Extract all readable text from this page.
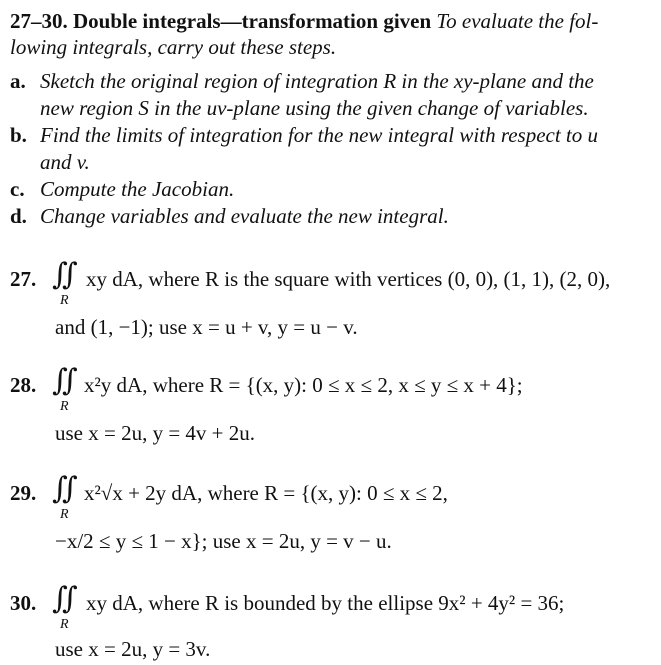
27–30. Double integrals—transformation given To evaluate the fol-
lowing integrals, carry out these steps.
a. Sketch the original region of integration R in the xy-plane and the
new region S in the uv-plane using the given change of variables.
b. Find the limits of integration for the new integral with respect to u
and v.
c. Compute the Jacobian.
d. Change variables and evaluate the new integral.
27. ∬
R
xy dA, where R is the square with vertices (0, 0), (1, 1), (2, 0),
and (1, −1); use x = u + v, y = u − v.
28. ∬
R
x²y dA, where R = {(x, y): 0 ≤ x ≤ 2, x ≤ y ≤ x + 4};
use x = 2u, y = 4v + 2u.
29. ∬
R
x²√x + 2y dA, where R = {(x, y): 0 ≤ x ≤ 2,
−x/2 ≤ y ≤ 1 − x}; use x = 2u, y = v − u.
30. ∬
R
xy dA, where R is bounded by the ellipse 9x² + 4y² = 36;
use x = 2u, y = 3v.
